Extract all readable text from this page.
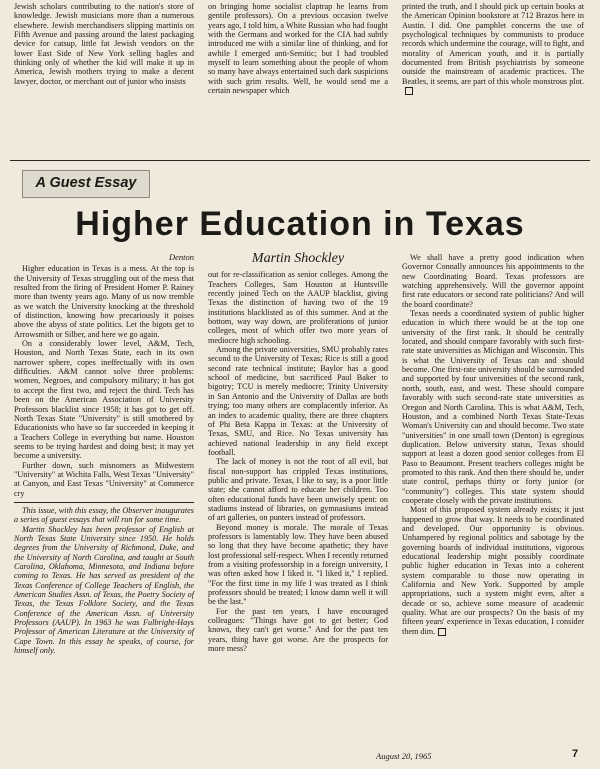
Jewish scholars contributing to the nation's store of knowledge. Jewish musicians more than a numerous elsewhere. Jewish merchandisers slipping martinis on Fifth Avenue and passing around the latest packaging device for catsup, little fat Jewish vendors on the lower East Side of New York selling bagles and thinking only of whether the kid will make it up in America, Jewish mothers trying to make a decent lawyer, doctor, or merchant out of junior who insists

on bringing home socialist claptrap he learns from gentile professors). On a previous occasion twelve years ago, I told him, a White Russian who had fought with the Germans and worked for the CIA had subtly introduced me with a similar line of thinking, and for awhile I emerged anti-Semitic; but I had troubled myself to learn something about the people of whom so many have always entertained such dark suspicions with such grim results. Well, he would send me a certain newspaper which

printed the truth, and I should pick up certain books at the American Opinion bookstore at 712 Brazos here in Austin. I did. One pamphlet concerns the use of psychological techniques by communists to produce records which undermine the courage, will to fight, and morality of American youth, and it is partially documented from British psychiatrists by someone outside the mainstream of academic practices. The Beatles, it seems, are part of this whole monstrous plot.

A Guest Essay
Higher Education in Texas
Denton

Higher education in Texas is a mess. At the top is the University of Texas struggling out of the mess that resulted from the firing of President Homer P. Rainey more than twenty years ago. Many of us now tremble as we watch the University knocking at the threshold of distinction, knowing how precariously it poises above the abyss of state politics. Let the bigots get to Arrowsmith or Silber, and here we go again.

On a considerably lower level, A&M, Tech, Houston, and North Texas State, each in its own narrower sphere, copes ineffectually with its own difficulties. A&M cannot solve three problems: women, Negroes, and compulsory military; it has got to accept the first two, and reject the third. Tech has been on the American Association of University Professors blacklist since 1958; it has got to get off. North Texas State "University" is still smothered by Educationists who have so far succeeded in keeping it a Teachers College in everything but name. Houston seems to be trying hardest and doing best; it may yet become a university.

Further down, such misnomers as Midwestern "University" at Wichita Falls, West Texas "University" at Canyon, and East Texas "University" at Commerce cry

This issue, with this essay, the Observer inaugurates a series of guest essays that will run for some time.

Martin Shockley has been professor of English at North Texas State University since 1950. He holds degrees from the University of Richmond, Duke, and the University of North Carolina, and taught at South Carolina, Oklahoma, Minnesota, and Indiana before coming to Texas. He has served as president of the Texas Conference of College Teachers of English, the American Studies Assn. of Texas, the Poetry Society of Texas, the Texas Folklore Society, and the Texas Conference of the American Assn. of University Professors (AAUP). In 1963 he was Fulbright-Hays Professor of American Literature at the University of Cape Town. In this essay he speaks, of course, for himself only.

Martin Shockley

out for re-classification as senior colleges. Among the Teachers Colleges, Sam Houston at Huntsville recently joined Tech on the AAUP blacklist, giving Texas the distinction of having two of the 19 institutions blacklisted as of this summer. And at the bottom, way way down, are proliferations of junior colleges, most of which offer two more years of mediocre high schooling.

Among the private universities, SMU probably rates second to the University of Texas; Rice is still a good second rate technical institute; Baylor has a good school of medicine, but sacrificed Paul Baker to bigotry; TCU is merely mediocre; Trinity University in San Antonio and the University of Dallas are both trying; too many others are complacently inferior. As an index to academic quality, there are three chapters of Phi Beta Kappa in Texas: at the University of Texas, SMU, and Rice. No Texas university has achieved national leadership in any field except football.

The lack of money is not the root of all evil, but fiscal non-support has crippled Texas institutions, public and private. Texas, I like to say, is a poor little state; she cannot afford to educate her children. Too often educational funds have been unwisely spent: on stadiums instead of libraries, on gymnasiums instead of art galleries, on punters instead of professors.

Beyond money is morale. The morale of Texas professors is lamentably low. They have been abused so long that they have become apathetic; they have lost professional self-respect. When I recently returned from a visiting professorship in a foreign university, I was often asked how I liked it. "I liked it," I replied. "For the first time in my life I was treated as I think professors should be treated; I know damn well it will be the last."

For the past ten years, I have encouraged colleagues: "Things have got to get better; God knows, they can't get worse." And for the past ten years, thing have got worse. Are the prospects for more mess?

We shall have a pretty good indication when Governor Connally announces his appointments to the new Coordinating Board. Texas professors are watching apprehensively. Will the governor appoint first rate educators or second rate politicians? And will the board coordinate?

Texas needs a coordinated system of public higher education in which there would be at the top one university of the first rank. It should be centrally located, and should compare favorably with such first-rate state universities as Michigan and Wisconsin. This is what the University of Texas can and should become. One first-rate university should be surrounded and supported by four universities of the second rank, north, south, east, and west. These should compare favorably with such second-rate state universities as Oregon and North Carolina. This is what A&M, Tech, Houston, and a combined North Texas State-Texas Woman's University can and should become. Two state "universities" in one small town (Denton) is egregious duplication. Below university status, Texas should support at least a dozen good senior colleges from El Paso to Beaumont. Present teachers colleges might be promoted to this rank. And then there should be, under state control, perhaps thirty or forty junior (or "community") colleges. This state system should cooperate closely with the private institutions.

Most of this proposed system already exists; it just happened to grow that way. It needs to be coordinated and developed. Our opportunity is obvious. Unhampered by regional politics and sabotage by the governing boards of individual institutions, vigorous educational leadership might possibly coordinate public higher education in Texas into a coherent system comparable to those now operating in California and New York. Supported by ample appropriations, such a system might even, after a decade or so, achieve some measure of academic quality. What are our prospects? On the basis of my fifteen years' experience in Texas education, I consider them dim.

August 20, 1965	7
